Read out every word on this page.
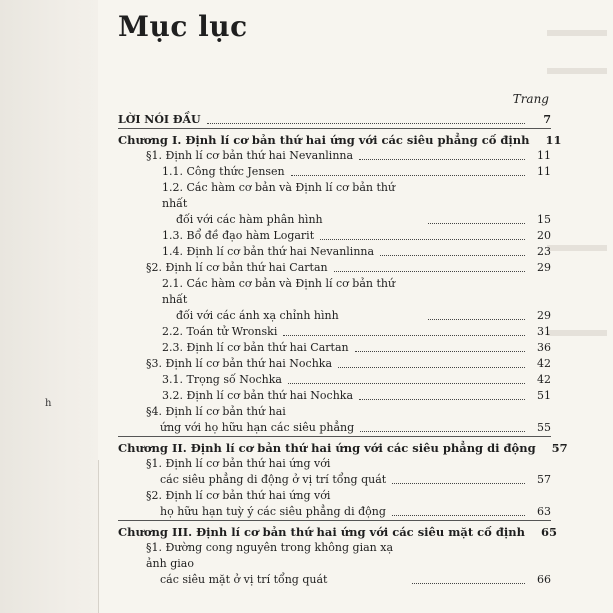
h
Mục lục
Trang
LỜI NÓI ĐẦU	7
Chương I. Định lí cơ bản thứ hai ứng với các siêu phẳng cố định	11
§1. Định lí cơ bản thứ hai Nevanlinna	11
1.1. Công thức Jensen	11
1.2. Các hàm cơ bản và Định lí cơ bản thứ nhất
đối với các hàm phân hình	15
1.3. Bổ đề đạo hàm Logarit	20
1.4. Định lí cơ bản thứ hai Nevanlinna	23
§2. Định lí cơ bản thứ hai Cartan	29
2.1. Các hàm cơ bản và Định lí cơ bản thứ nhất
đối với các ánh xạ chỉnh hình	29
2.2. Toán tử Wronski	31
2.3. Định lí cơ bản thứ hai Cartan	36
§3. Định lí cơ bản thứ hai Nochka	42
3.1. Trọng số Nochka	42
3.2. Định lí cơ bản thứ hai Nochka	51
§4. Định lí cơ bản thứ hai
ứng với họ hữu hạn các siêu phẳng	55
Chương II. Định lí cơ bản thứ hai ứng với các siêu phẳng di động	57
§1. Định lí cơ bản thứ hai ứng với
các siêu phẳng di động ở vị trí tổng quát	57
§2. Định lí cơ bản thứ hai ứng với
họ hữu hạn tuỳ ý các siêu phẳng di động	63
Chương III. Định lí cơ bản thứ hai ứng với các siêu mặt cố định	65
§1. Đường cong nguyên trong không gian xạ ảnh giao
các siêu mặt ở vị trí tổng quát	66
